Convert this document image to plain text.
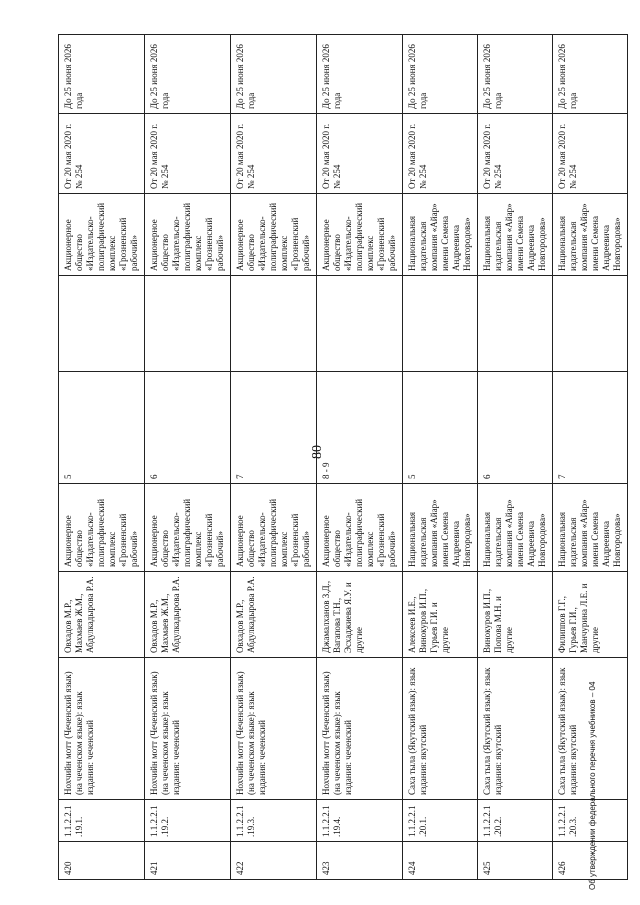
80
420	1.1.2.2.1.19.1.	Нохчийн мотт (Чеченский язык) (на чеченском языке): язык издания: чеченский	Овхадов М.Р., Махмаев Ж.М., Абдулкадырова Р.А.	Акционерное общество «Издательско-полиграфический комплекс «Грозненский рабочий»	5		Акционерное общество «Издательско-полиграфический комплекс «Грозненский рабочий»	От 20 мая 2020 г. № 254	До 25 июня 2026 года
421	1.1.2.2.1.19.2.	Нохчийн мотт (Чеченский язык) (на чеченском языке): язык издания: чеченский	Овхадов М.Р., Махмаев Ж.М., Абдулкадырова Р.А.	Акционерное общество «Издательско-полиграфический комплекс «Грозненский рабочий»	6		Акционерное общество «Издательско-полиграфический комплекс «Грозненский рабочий»	От 20 мая 2020 г. № 254	До 25 июня 2026 года
422	1.1.2.2.1.19.3.	Нохчийн мотт (Чеченский язык) (на чеченском языке): язык издания: чеченский	Овхадов М.Р., Абдулкадырова Р.А.	Акционерное общество «Издательско-полиграфический комплекс «Грозненский рабочий»	7		Акционерное общество «Издательско-полиграфический комплекс «Грозненский рабочий»	От 20 мая 2020 г. № 254	До 25 июня 2026 года
423	1.1.2.2.1.19.4.	Нохчийн мотт (Чеченский язык) (на чеченском языке): язык издания: чеченский	Джамалханов З.Д., Вагапова Т.Н., Эсхаджиева Я.У. и другие	Акционерное общество «Издательско-полиграфический комплекс «Грозненский рабочий»	8 - 9		Акционерное общество «Издательско-полиграфический комплекс «Грозненский рабочий»	От 20 мая 2020 г. № 254	До 25 июня 2026 года
424	1.1.2.2.1.20.1.	Саха тыла (Якутский язык): язык издания: якутский	Алексеев И.Е., Винокуров И.П., Гурьев Г.И. и другие	Национальная издательская компания «Айар» имени Семена Андреевича Новгородова»	5		Национальная издательская компания «Айар» имени Семена Андреевича Новгородова»	От 20 мая 2020 г. № 254	До 25 июня 2026 года
425	1.1.2.2.1.20.2.	Саха тыла (Якутский язык): язык издания: якутский	Винокуров И.П., Попова М.Н. и другие	Национальная издательская компания «Айар» имени Семена Андреевича Новгородова»	6		Национальная издательская компания «Айар» имени Семена Андреевича Новгородова»	От 20 мая 2020 г. № 254	До 25 июня 2026 года
426	1.1.2.2.1.20.3.	Саха тыла (Якутский язык): язык издания: якутский	Филиппов Г.Г., Гурьев Г.И., Манчурина Л.Е. и другие	Национальная издательская компания «Айар» имени Семена Андреевича Новгородова»	7		Национальная издательская компания «Айар» имени Семена Андреевича Новгородова»	От 20 мая 2020 г. № 254	До 25 июня 2026 года
Об утверждении федерального перечня учебников – 04
